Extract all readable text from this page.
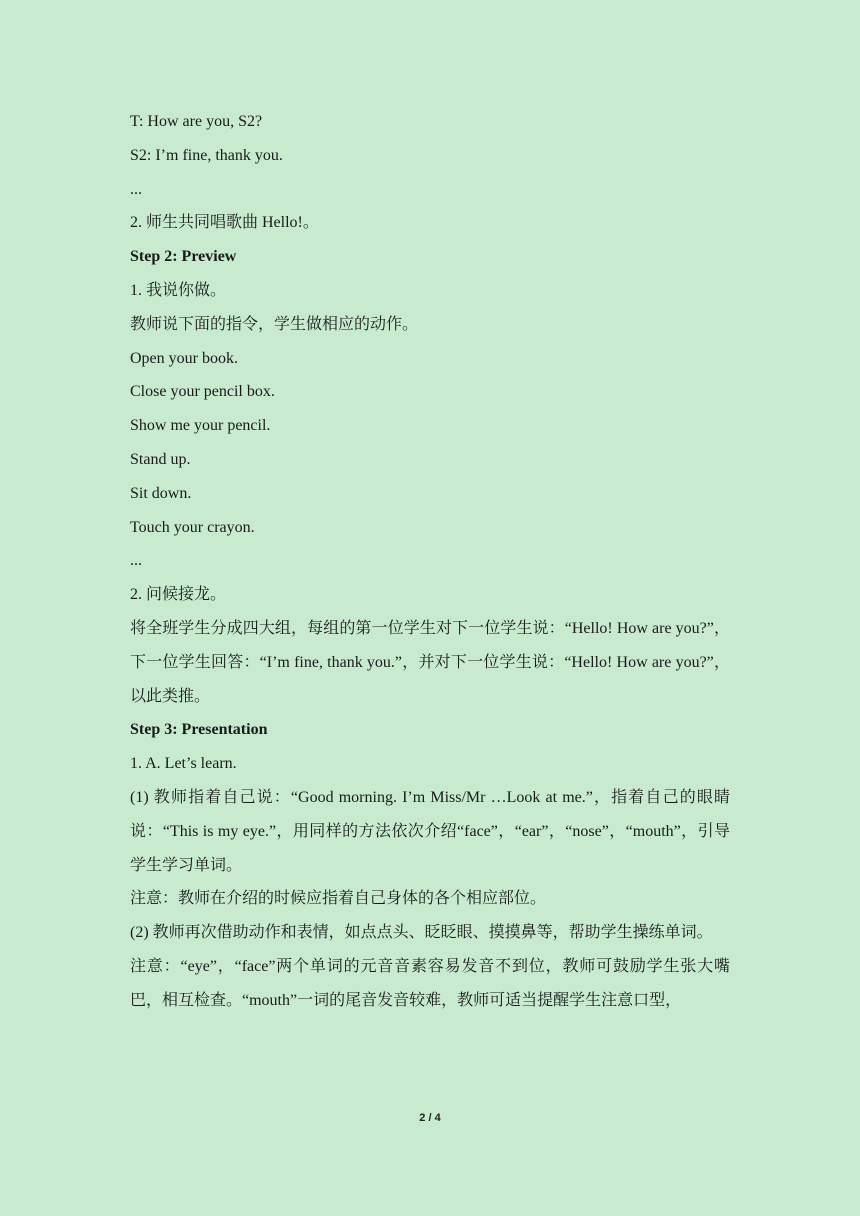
T: How are you, S2?

S2: I’m fine, thank you.

...

2. 师生共同唱歌曲 Hello!。

Step 2: Preview

1. 我说你做。

教师说下面的指令，学生做相应的动作。

Open your book.

Close your pencil box.

Show me your pencil.

Stand up.

Sit down.

Touch your crayon.

...

2. 问候接龙。

将全班学生分成四大组，每组的第一位学生对下一位学生说：“Hello! How are you?”，下一位学生回答：“I’m fine, thank you.”，并对下一位学生说：“Hello! How are you?”，以此类推。

Step 3: Presentation

1. A. Let’s learn.

(1) 教师指着自己说：“Good morning. I’m Miss/Mr …Look at me.”，指着自己的眼睛说：“This is my eye.”，用同样的方法依次介绍“face”，“ear”，“nose”，“mouth”，引导学生学习单词。

注意：教师在介绍的时候应指着自己身体的各个相应部位。

(2) 教师再次借助动作和表情，如点点头、眨眨眼、摸摸鼻等，帮助学生操练单词。

注意：“eye”，“face”两个单词的元音音素容易发音不到位，教师可鼓励学生张大嘴巴，相互检查。“mouth”一词的尾音发音较难，教师可适当提醒学生注意口型，

2 / 4
